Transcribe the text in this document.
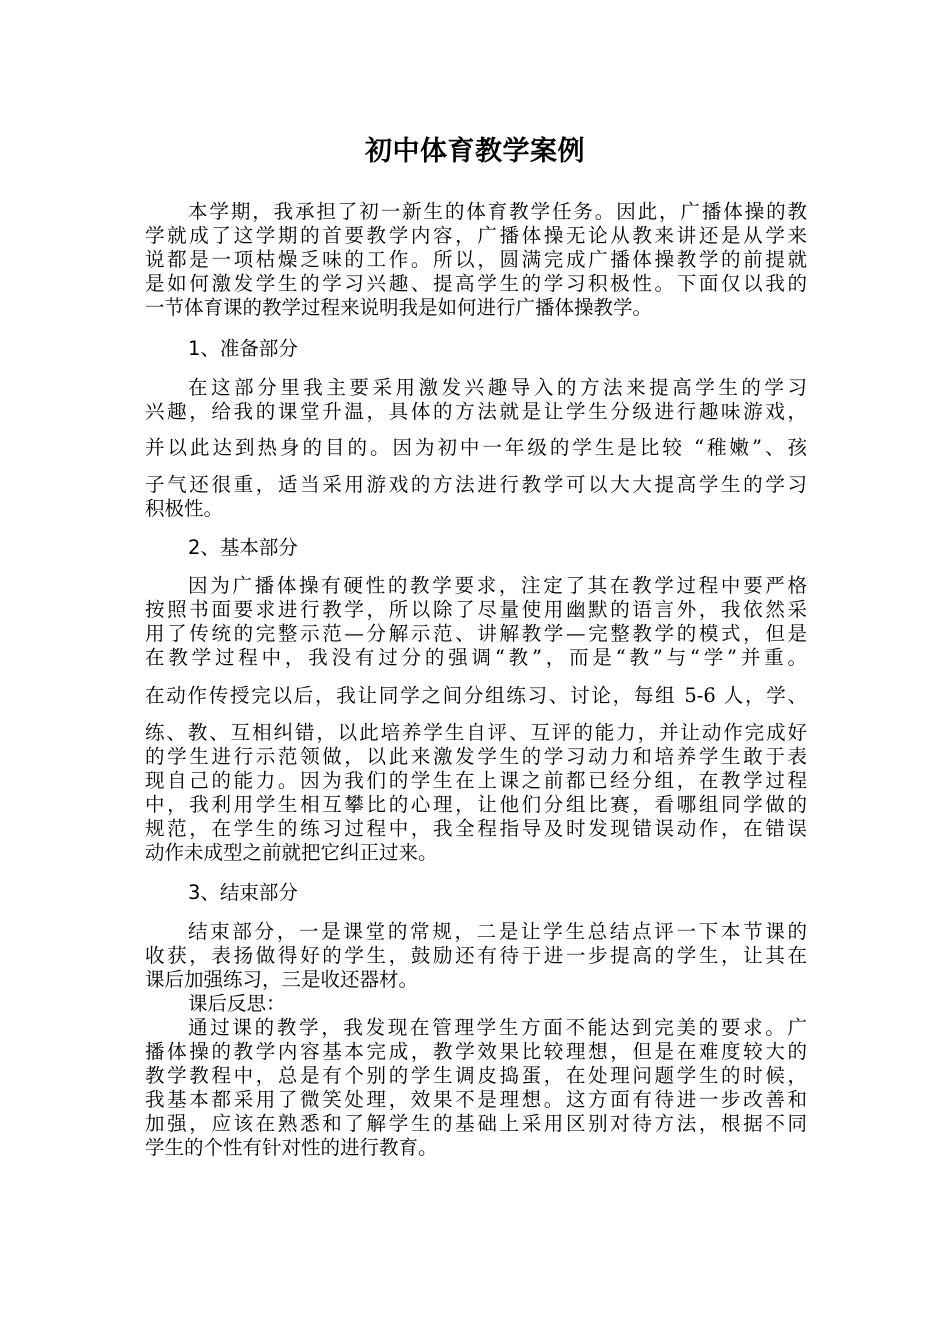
初中体育教学案例
本学期，我承担了初一新生的体育教学任务。因此，广播体操的教
学就成了这学期的首要教学内容，广播体操无论从教来讲还是从学来
说都是一项枯燥乏味的工作。所以，圆满完成广播体操教学的前提就
是如何激发学生的学习兴趣、提高学生的学习积极性。下面仅以我的
一节体育课的教学过程来说明我是如何进行广播体操教学。
1、准备部分
在这部分里我主要采用激发兴趣导入的方法来提高学生的学习
兴趣，给我的课堂升温，具体的方法就是让学生分级进行趣味游戏，
并以此达到热身的目的。因为初中一年级的学生是比较 “稚嫩”、孩
子气还很重，适当采用游戏的方法进行教学可以大大提高学生的学习
积极性。
2、基本部分
因为广播体操有硬性的教学要求，注定了其在教学过程中要严格
按照书面要求进行教学，所以除了尽量使用幽默的语言外，我依然采
用了传统的完整示范—分解示范、讲解教学—完整教学的模式，但是
在教学过程中，我没有过分的强调“教”，而是“教”与“学”并重。
在动作传授完以后，我让同学之间分组练习、讨论，每组 5-6 人，学、
练、教、互相纠错，以此培养学生自评、互评的能力，并让动作完成好
的学生进行示范领做，以此来激发学生的学习动力和培养学生敢于表
现自己的能力。因为我们的学生在上课之前都已经分组，在教学过程
中，我利用学生相互攀比的心理，让他们分组比赛，看哪组同学做的
规范，在学生的练习过程中，我全程指导及时发现错误动作，在错误
动作未成型之前就把它纠正过来。
3、结束部分
结束部分，一是课堂的常规，二是让学生总结点评一下本节课的
收获，表扬做得好的学生，鼓励还有待于进一步提高的学生，让其在
课后加强练习，三是收还器材。
课后反思：
通过课的教学，我发现在管理学生方面不能达到完美的要求。广
播体操的教学内容基本完成，教学效果比较理想，但是在难度较大的
教学教程中，总是有个别的学生调皮捣蛋，在处理问题学生的时候，
我基本都采用了微笑处理，效果不是理想。这方面有待进一步改善和
加强，应该在熟悉和了解学生的基础上采用区别对待方法，根据不同
学生的个性有针对性的进行教育。
